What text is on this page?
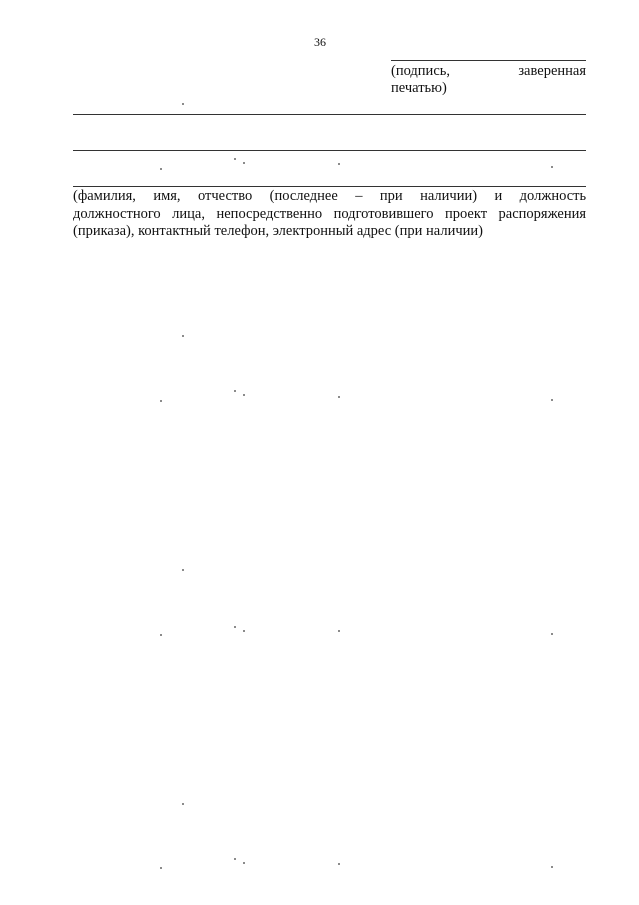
36
(подпись,	заверенная
печатью)
(фамилия, имя, отчество (последнее – при наличии) и должность
должностного лица, непосредственно подготовившего проект распоряжения
(приказа), контактный телефон, электронный адрес (при наличии)
